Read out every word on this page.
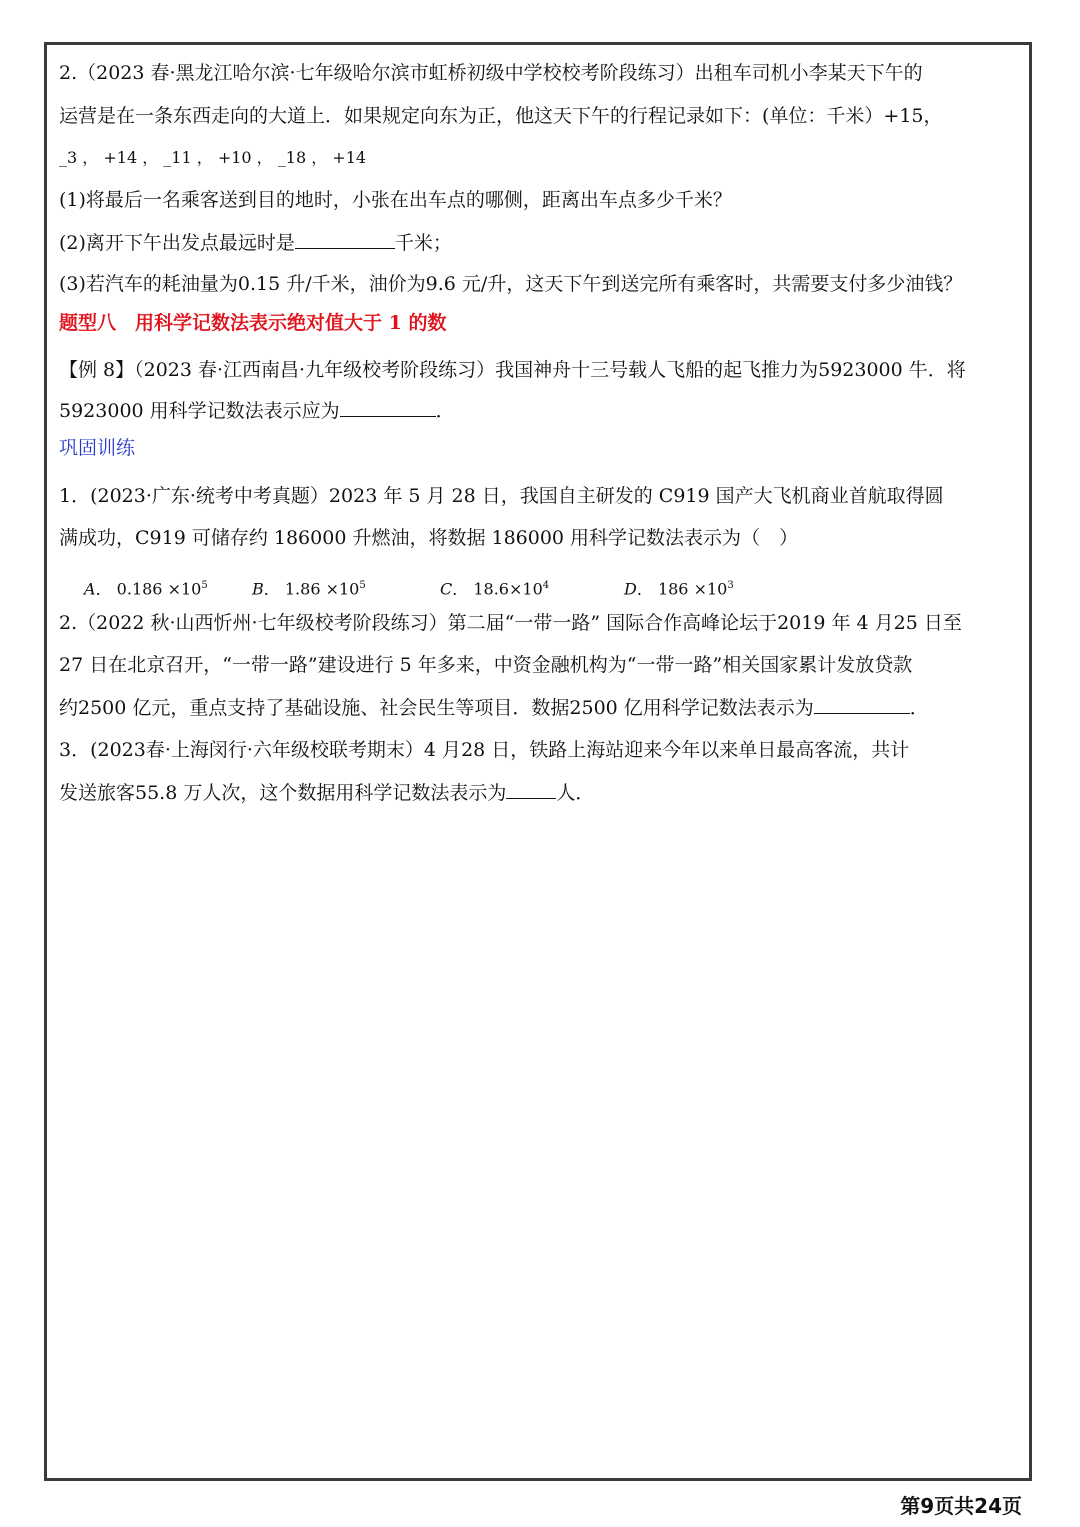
2.（2023 春·黑龙江哈尔滨·七年级哈尔滨市虹桥初级中学校校考阶段练习）出租车司机小李某天下午的
运营是在一条东西走向的大道上．如果规定向东为正，他这天下午的行程记录如下：(单位：千米）+15，
_3 ， +14 ， _11 ， +10 ， _18 ， +14
(1)将最后一名乘客送到目的地时，小张在出车点的哪侧，距离出车点多少千米？
(2)离开下午出发点最远时是	千米；
(3)若汽车的耗油量为0.15 升/千米，油价为9.6 元/升，这天下午到送完所有乘客时，共需要支付多少油钱？
题型八　用科学记数法表示绝对值大于 1 的数
【例 8】（2023 春·江西南昌·九年级校考阶段练习）我国神舟十三号载人飞船的起飞推力为5923000 牛．将
5923000 用科学记数法表示应为	．
巩固训练
1．(2023·广东·统考中考真题）2023 年 5 月 28 日，我国自主研发的 C919 国产大飞机商业首航取得圆
满成功，C919 可储存约 186000 升燃油，将数据 186000 用科学记数法表示为（　）
A． $0.186 \times 10^5$	B． $1.86 \times 10^5$	C． $18.6\times 10^4$	D． $186 \times 10^3$
2.（2022 秋·山西忻州·七年级校考阶段练习）第二届“一带一路” 国际合作高峰论坛于2019 年 4 月25 日至
27 日在北京召开，“一带一路”建设进行 5 年多来，中资金融机构为“一带一路”相关国家累计发放贷款
约2500 亿元，重点支持了基础设施、社会民生等项目．数据2500 亿用科学记数法表示为	．
3．(2023春·上海闵行·六年级校联考期末）4 月28 日，铁路上海站迎来今年以来单日最高客流，共计
发送旅客55.8 万人次，这个数据用科学记数法表示为	人．
第9页共24页
